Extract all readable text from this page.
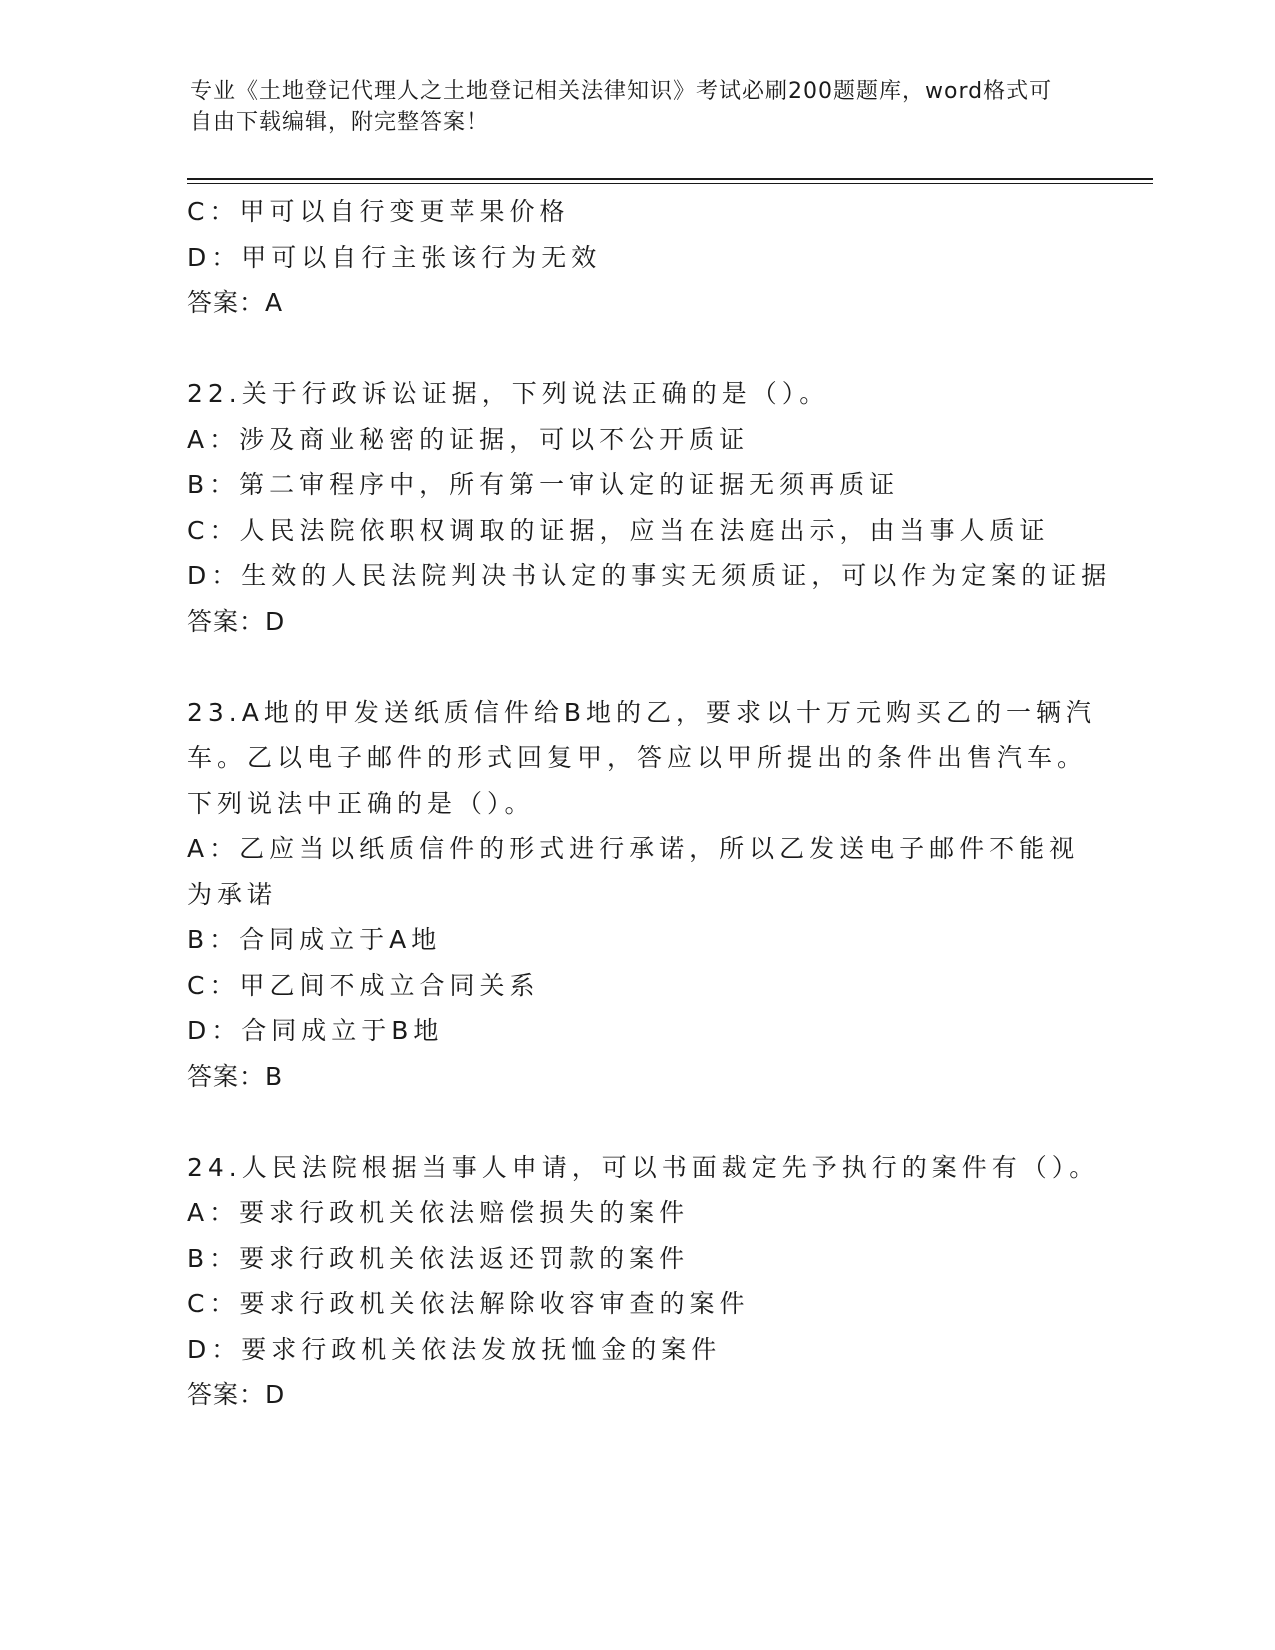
专业《土地登记代理人之土地登记相关法律知识》考试必刷200题题库，word格式可自由下载编辑，附完整答案！
C：甲可以自行变更苹果价格
D：甲可以自行主张该行为无效
答案：A
22.关于行政诉讼证据，下列说法正确的是（）。
A：涉及商业秘密的证据，可以不公开质证
B：第二审程序中，所有第一审认定的证据无须再质证
C：人民法院依职权调取的证据，应当在法庭出示，由当事人质证
D：生效的人民法院判决书认定的事实无须质证，可以作为定案的证据
答案：D
23.A地的甲发送纸质信件给B地的乙，要求以十万元购买乙的一辆汽
车。乙以电子邮件的形式回复甲，答应以甲所提出的条件出售汽车。
下列说法中正确的是（）。
A：乙应当以纸质信件的形式进行承诺，所以乙发送电子邮件不能视为承诺
B：合同成立于A地
C：甲乙间不成立合同关系
D：合同成立于B地
答案：B
24.人民法院根据当事人申请，可以书面裁定先予执行的案件有（）。
A：要求行政机关依法赔偿损失的案件
B：要求行政机关依法返还罚款的案件
C：要求行政机关依法解除收容审查的案件
D：要求行政机关依法发放抚恤金的案件
答案：D
